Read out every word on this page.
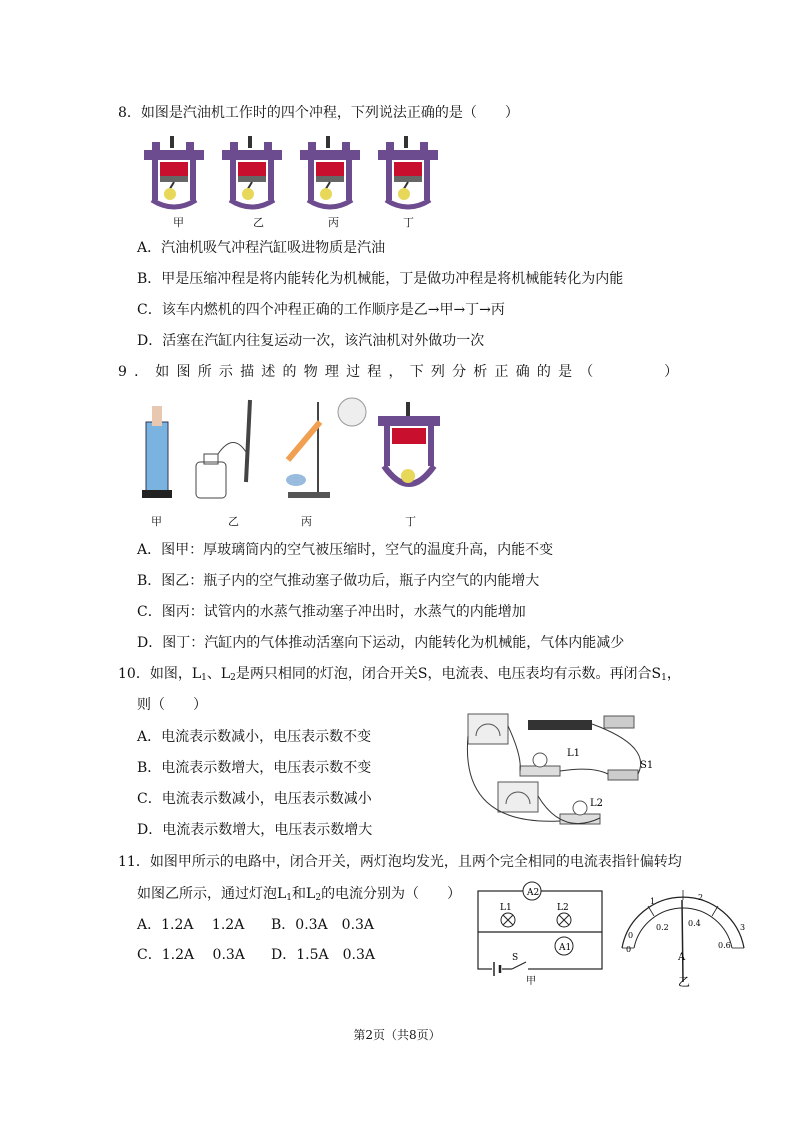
8．如图是汽油机工作时的四个冲程，下列说法正确的是（　　）
甲	乙	丙	丁
A．汽油机吸气冲程汽缸吸进物质是汽油
B．甲是压缩冲程是将内能转化为机械能，丁是做功冲程是将机械能转化为内能
C．该车内燃机的四个冲程正确的工作顺序是乙→甲→丁→丙
D．活塞在汽缸内往复运动一次，该汽油机对外做功一次
9．如图所示描述的物理过程，下列分析正确的是（　　　）
甲	乙	丙	丁
A．图甲：厚玻璃筒内的空气被压缩时，空气的温度升高，内能不变
B．图乙：瓶子内的空气推动塞子做功后，瓶子内空气的内能增大
C．图丙：试管内的水蒸气推动塞子冲出时，水蒸气的内能增加
D．图丁：汽缸内的气体推动活塞向下运动，内能转化为机械能，气体内能减少
10．如图，$L_1$、$L_2$是两只相同的灯泡，闭合开关S，电流表、电压表均有示数。再闭合$S_1$，
则（　　）
A．电流表示数减小，电压表示数不变
B．电流表示数增大，电压表示数不变
C．电流表示数减小，电压表示数减小
D．电流表示数增大，电压表示数增大
L1
S1
L2
11．如图甲所示的电路中，闭合开关，两灯泡均发光，且两个完全相同的电流表指针偏转均
如图乙所示，通过灯泡$L_1$和$L_2$的电流分别为（　　）
A．1.2A　 1.2A B．0.3A　0.3A
C．1.2A　 0.3A D．1.5A　0.3A
A2
L1	L2
A1
S
甲
0
1	2
3
0
0.2 0.4
0.6
A
乙
第2页（共8页）
